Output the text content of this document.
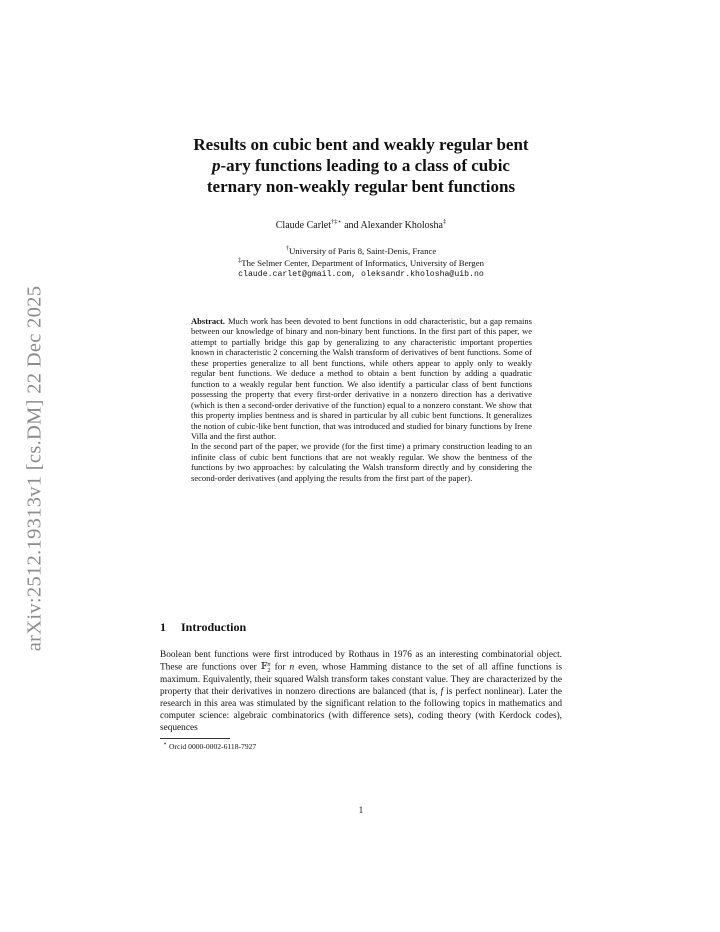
arXiv:2512.19313v1 [cs.DM] 22 Dec 2025
Results on cubic bent and weakly regular bent
p-ary functions leading to a class of cubic
ternary non-weakly regular bent functions
Claude Carlet†‡⋆ and Alexander Kholosha‡
†University of Paris 8, Saint-Denis, France
‡The Selmer Center, Department of Informatics, University of Bergen
claude.carlet@gmail.com, oleksandr.kholosha@uib.no

Abstract. Much work has been devoted to bent functions in odd characteristic, but a gap remains between our knowledge of binary and non-binary bent functions. In the first part of this paper, we attempt to partially bridge this gap by generalizing to any characteristic important properties known in characteristic 2 concerning the Walsh transform of derivatives of bent functions. Some of these properties generalize to all bent functions, while others appear to apply only to weakly regular bent functions. We deduce a method to obtain a bent function by adding a quadratic function to a weakly regular bent function. We also identify a particular class of bent functions possessing the property that every first-order derivative in a nonzero direction has a derivative (which is then a second-order derivative of the function) equal to a nonzero constant. We show that this property implies bentness and is shared in particular by all cubic bent functions. It generalizes the notion of cubic-like bent function, that was introduced and studied for binary functions by Irene Villa and the first author.

In the second part of the paper, we provide (for the first time) a primary construction leading to an infinite class of cubic bent functions that are not weakly regular. We show the bentness of the functions by two approaches: by calculating the Walsh transform directly and by considering the second-order derivatives (and applying the results from the first part of the paper).

1 Introduction

Boolean bent functions were first introduced by Rothaus in 1976 as an interesting combinatorial object. These are functions over 𝔽 n
2 for n even, whose Hamming distance to the set of all affine functions is maximum. Equivalently, their squared Walsh transform takes constant value. They are characterized by the property that their derivatives in nonzero directions are balanced (that is, f is perfect nonlinear). Later the research in this area was stimulated by the significant relation to the following topics in mathematics and computer science: algebraic combinatorics (with difference sets), coding theory (with Kerdock codes), sequences

⋆ Orcid 0000-0002-6118-7927
1
